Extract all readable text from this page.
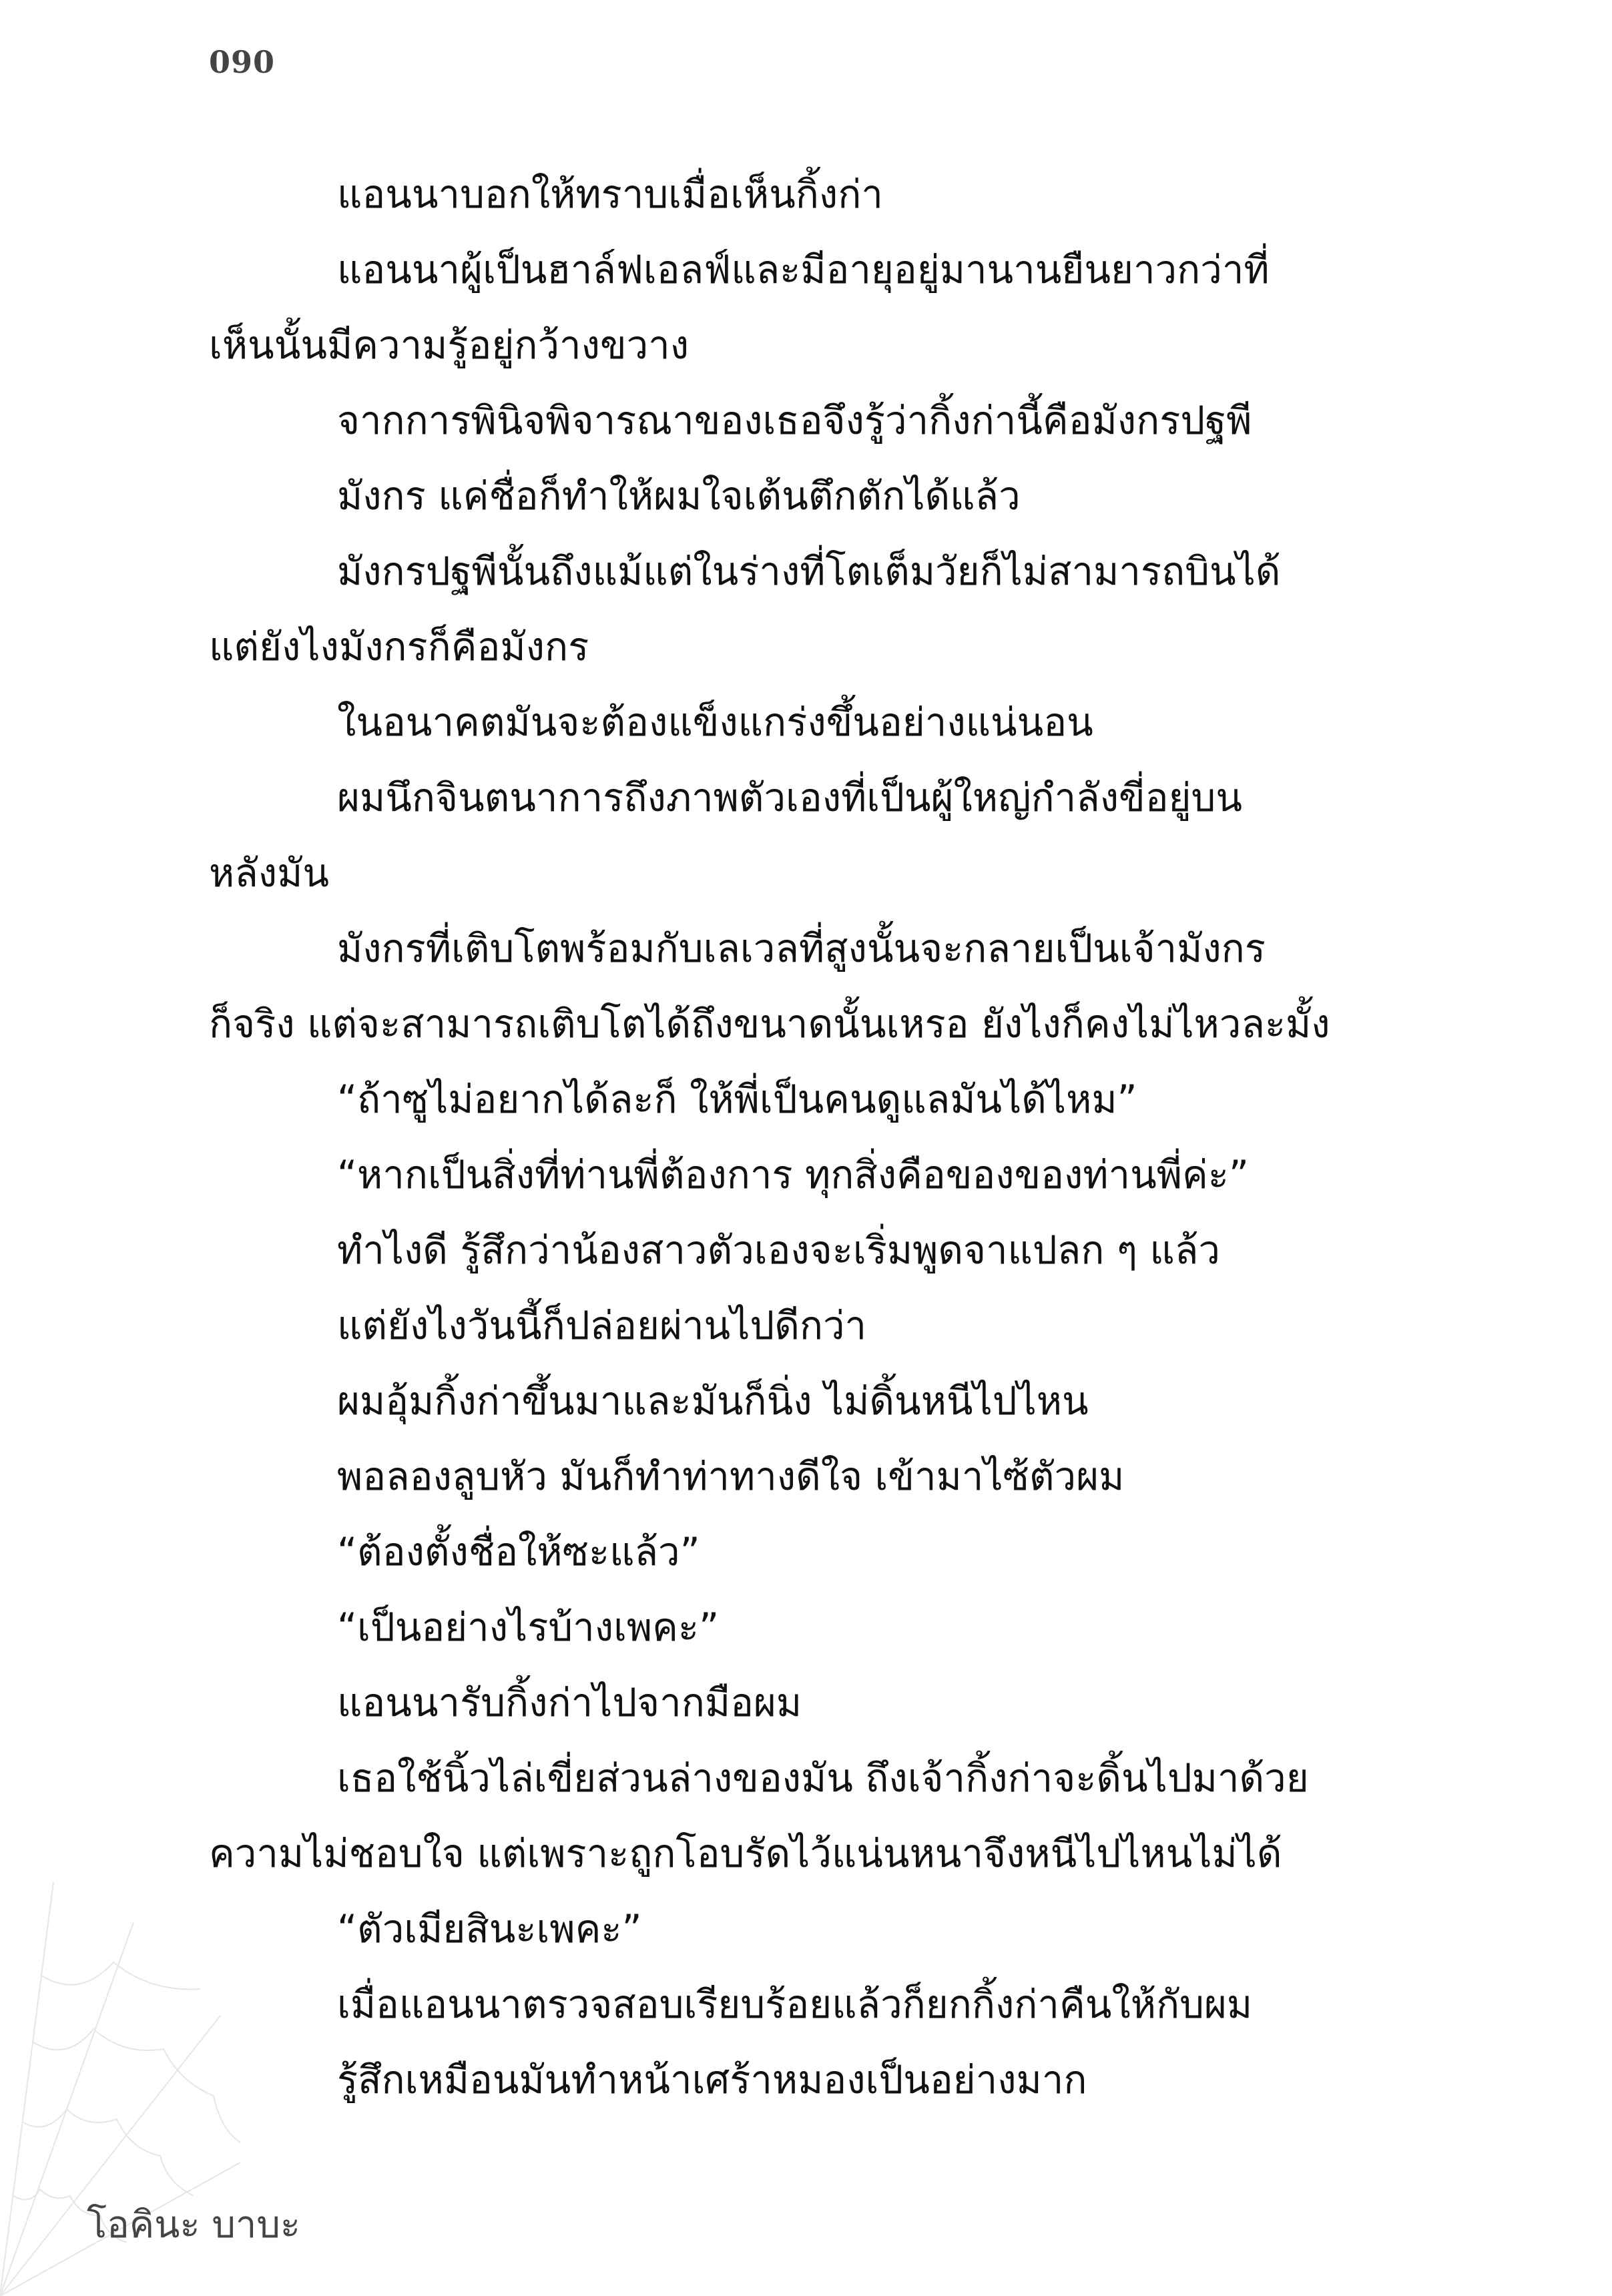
090

แอนนาบอกให้ทราบเมื่อเห็นกิ้งก่า

แอนนาผู้เป็นฮาล์ฟเอลฟ์และมีอายุอยู่มานานยืนยาวกว่าที่
เห็นนั้นมีความรู้อยู่กว้างขวาง

จากการพินิจพิจารณาของเธอจึงรู้ว่ากิ้งก่านี้คือมังกรปฐพี

มังกร แค่ชื่อก็ทำให้ผมใจเต้นตึกตักได้แล้ว

มังกรปฐพีนั้นถึงแม้แต่ในร่างที่โตเต็มวัยก็ไม่สามารถบินได้
แต่ยังไงมังกรก็คือมังกร

ในอนาคตมันจะต้องแข็งแกร่งขึ้นอย่างแน่นอน

ผมนึกจินตนาการถึงภาพตัวเองที่เป็นผู้ใหญ่กำลังขี่อยู่บน
หลังมัน

มังกรที่เติบโตพร้อมกับเลเวลที่สูงนั้นจะกลายเป็นเจ้ามังกร
ก็จริง แต่จะสามารถเติบโตได้ถึงขนาดนั้นเหรอ ยังไงก็คงไม่ไหวละมั้ง

“ถ้าซูไม่อยากได้ละก็ ให้พี่เป็นคนดูแลมันได้ไหม”

“หากเป็นสิ่งที่ท่านพี่ต้องการ ทุกสิ่งคือของของท่านพี่ค่ะ”

ทำไงดี รู้สึกว่าน้องสาวตัวเองจะเริ่มพูดจาแปลก ๆ แล้ว

แต่ยังไงวันนี้ก็ปล่อยผ่านไปดีกว่า

ผมอุ้มกิ้งก่าขึ้นมาและมันก็นิ่ง ไม่ดิ้นหนีไปไหน

พอลองลูบหัว มันก็ทำท่าทางดีใจ เข้ามาไซ้ตัวผม

“ต้องตั้งชื่อให้ซะแล้ว”

“เป็นอย่างไรบ้างเพคะ”

แอนนารับกิ้งก่าไปจากมือผม

เธอใช้นิ้วไล่เขี่ยส่วนล่างของมัน ถึงเจ้ากิ้งก่าจะดิ้นไปมาด้วย
ความไม่ชอบใจ แต่เพราะถูกโอบรัดไว้แน่นหนาจึงหนีไปไหนไม่ได้

“ตัวเมียสินะเพคะ”

เมื่อแอนนาตรวจสอบเรียบร้อยแล้วก็ยกกิ้งก่าคืนให้กับผม

รู้สึกเหมือนมันทำหน้าเศร้าหมองเป็นอย่างมาก

โอคินะ บาบะ
